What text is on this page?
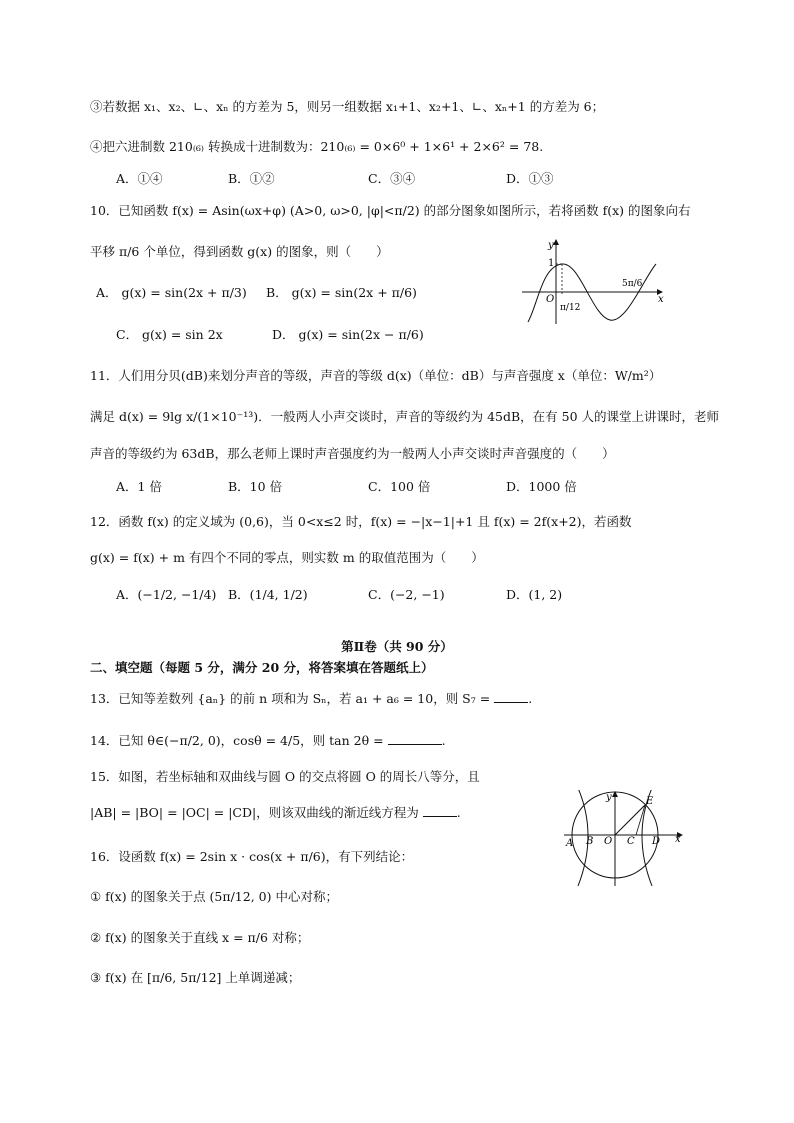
③若数据 x₁、x₂、∟、xₙ 的方差为 5，则另一组数据 x₁+1、x₂+1、∟、xₙ+1 的方差为 6；
④把六进制数 210₍₆₎ 转换成十进制数为：210₍₆₎ = 0×6⁰ + 1×6¹ + 2×6² = 78.
A．①④	B．①②	C．③④	D．①③
10．已知函数 f(x) = Asin(ωx+φ) (A>0, ω>0, |φ|<π/2) 的部分图象如图所示，若将函数 f(x) 的图象向右
平移 π/6 个单位，得到函数 g(x) 的图象，则（　　）
A． g(x) = sin(2x + π/3) B． g(x) = sin(2x + π/6)
C． g(x) = sin 2x	D． g(x) = sin(2x − π/6)
y
x
O
1
π/12
5π/6
11．人们用分贝(dB)来划分声音的等级，声音的等级 d(x)（单位：dB）与声音强度 x（单位：W/m²）
满足 d(x) = 9lg x/(1×10⁻¹³)．一般两人小声交谈时，声音的等级约为 45dB，在有 50 人的课堂上讲课时，老师
声音的等级约为 63dB，那么老师上课时声音强度约为一般两人小声交谈时声音强度的（　　）
A．1 倍	B．10 倍	C．100 倍	D．1000 倍
12．函数 f(x) 的定义域为 (0,6)，当 0<x≤2 时，f(x) = −|x−1|+1 且 f(x) = 2f(x+2)，若函数
g(x) = f(x) + m 有四个不同的零点，则实数 m 的取值范围为（　　）
A．(−1/2, −1/4) B．(1/4, 1/2)	C．(−2, −1)	D．(1, 2)
第Ⅱ卷（共 90 分）
二、填空题（每题 5 分，满分 20 分，将答案填在答题纸上）
13．已知等差数列 {aₙ} 的前 n 项和为 Sₙ，若 a₁ + a₆ = 10，则 S₇ =	.
14．已知 θ∈(−π/2, 0)，cosθ = 4/5，则 tan 2θ =	.
15．如图，若坐标轴和双曲线与圆 O 的交点将圆 O 的周长八等分，且
|AB| = |BO| = |OC| = |CD|，则该双曲线的渐近线方程为	.
y
x
A B O C D
E
16．设函数 f(x) = 2sin x · cos(x + π/6)，有下列结论：
① f(x) 的图象关于点 (5π/12, 0) 中心对称；
② f(x) 的图象关于直线 x = π/6 对称；
③ f(x) 在 [π/6, 5π/12] 上单调递减；
